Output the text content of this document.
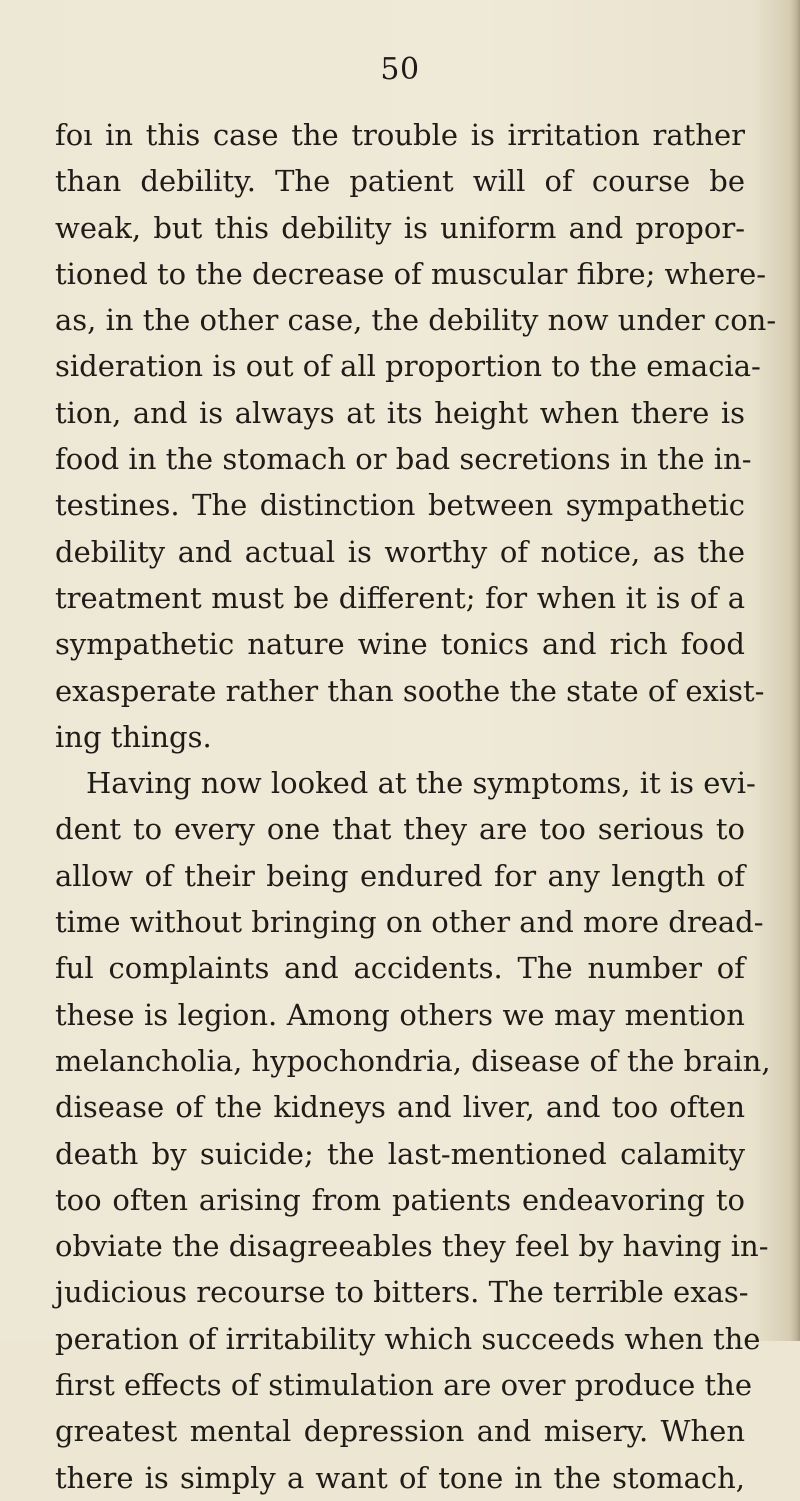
50
foı in this case the trouble is irritation rather
than debility. The patient will of course be
weak, but this debility is uniform and propor-
tioned to the decrease of muscular fibre; where-
as, in the other case, the debility now under con-
sideration is out of all proportion to the emacia-
tion, and is always at its height when there is
food in the stomach or bad secretions in the in-
testines. The distinction between sympathetic
debility and actual is worthy of notice, as the
treatment must be different; for when it is of a
sympathetic nature wine tonics and rich food
exasperate rather than soothe the state of exist-
ing things.
Having now looked at the symptoms, it is evi-
dent to every one that they are too serious to
allow of their being endured for any length of
time without bringing on other and more dread-
ful complaints and accidents. The number of
these is legion. Among others we may mention
melancholia, hypochondria, disease of the brain,
disease of the kidneys and liver, and too often
death by suicide; the last-mentioned calamity
too often arising from patients endeavoring to
obviate the disagreeables they feel by having in-
judicious recourse to bitters. The terrible exas-
peration of irritability which succeeds when the
first effects of stimulation are over produce the
greatest mental depression and misery. When
there is simply a want of tone in the stomach,
